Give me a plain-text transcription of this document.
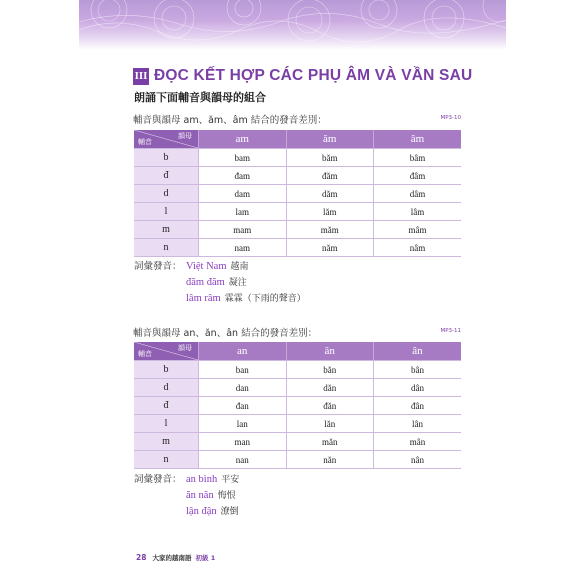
III ĐỌC KẾT HỢP CÁC PHỤ ÂM VÀ VẦN SAU
朗誦下面輔音與韻母的組合
輔音與韻母 am、ăm、âm 結合的發音差別：	MP3-10
韻母
輔音	am	ăm	âm
b	bam	băm	bâm
đ	đam	đăm	đâm
d	dam	dăm	dâm
l	lam	lăm	lâm
m	mam	măm	mâm
n	nam	năm	nâm
詞彙發音： Việt Nam 越南
đăm đăm 凝注
lâm râm 霖霖（下雨的聲音）
輔音與韻母 an、ăn、ân 結合的發音差別：	MP3-11
韻母
輔音	an	ăn	ân
b	ban	băn	bân
d	dan	dăn	dân
đ	đan	đăn	đân
l	lan	lăn	lân
m	man	măn	mân
n	nan	năn	nân
詞彙發音： an bình 平安
ăn năn 悔恨
lận đận 潦倒
28 大家的越南語 初級 1
